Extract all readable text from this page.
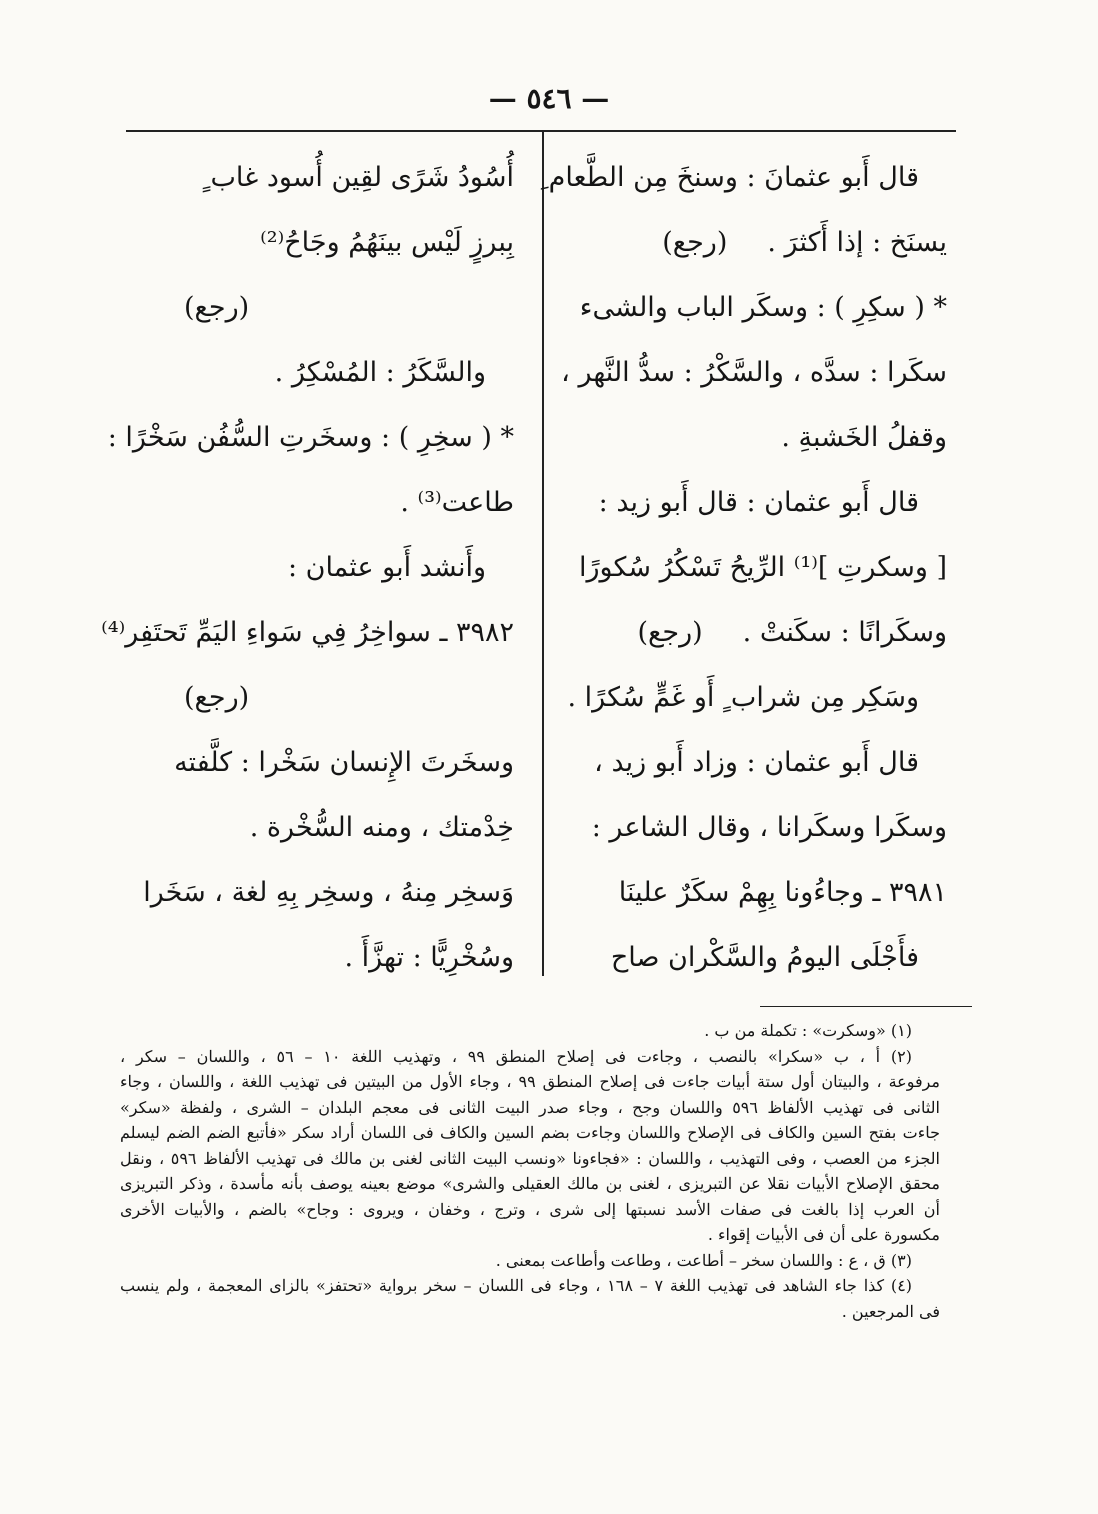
— ٥٤٦ —
قال أَبو عثمانَ : وسنخَ مِن الطَّعام ِ
يسنَخ : إذا أَكثرَ .(رجع)
* ( سكِرِ ) : وسكَر الباب والشىء
سكَرا : سدَّه ، والسَّكْرُ : سدُّ النَّهر ،
وقفلُ الخَشبةِ .
قال أَبو عثمان : قال أَبو زيد :
[ وسكرتِ ]⁽¹⁾ الرِّيحُ تَسْكُرُ سُكورًا
وسكَرانًا : سكَنتْ .(رجع)
وسَكِر مِن شراب ٍ أَو غَمٍّ سُكرًا .
قال أَبو عثمان : وزاد أَبو زيد ،
وسكَرا وسكَرانا ، وقال الشاعر :
٣٩٨١ ـ وجاءُونا بِهِمْ سكَرٌ علينَا
فأَجْلَى اليومُ والسَّكْران صاح
أُسُودُ شَرًى لقِين أُسود غاب ٍ
بِبرزٍ لَيْس بينَهُمُ وجَاحُ⁽²⁾
(رجع)
والسَّكَرُ : المُسْكِرُ .
* ( سخِرِ ) : وسخَرتِ السُّفُن سَخْرًا :
طاعت⁽³⁾ .
وأَنشد أَبو عثمان :
٣٩٨٢ ـ سواخِرُ فِي سَواءِ اليَمِّ تَحتَفِر⁽⁴⁾
(رجع)
وسخَرتَ الإِنسان سَخْرا : كلَّفته
خِدْمتك ، ومنه السُّخْرة .
وَسخِر مِنهُ ، وسخِر بِهِ لغة ، سَخَرا
وسُخْرِيًّا : تهزَّأَ .
(١) «وسكرت» : تكملة من ب .
(٢) أ ، ب «سكرا» بالنصب ، وجاءت فى إصلاح المنطق ٩٩ ، وتهذيب اللغة ١٠ – ٥٦ ، واللسان – سكر ،
مرفوعة ، والبيتان أول ستة أبيات جاءت فى إصلاح المنطق ٩٩ ، وجاء الأول من البيتين فى تهذيب اللغة ، واللسان ، وجاء
الثانى فى تهذيب الألفاظ ٥٩٦ واللسان وجح ، وجاء صدر البيت الثانى فى معجم البلدان – الشرى ، ولفظة «سكر»
جاءت بفتح السين والكاف فى الإصلاح واللسان وجاءت بضم السين والكاف فى اللسان أراد سكر «فأتبع الضم الضم ليسلم
الجزء من العصب ، وفى التهذيب ، واللسان : «فجاءونا «ونسب البيت الثانى لغنى بن مالك فى تهذيب الألفاظ ٥٩٦ ، ونقل
محقق الإصلاح الأبيات نقلا عن التبريزى ، لغنى بن مالك العقيلى والشرى» موضع بعينه يوصف بأنه مأسدة ، وذكر التبريزى
أن العرب إذا بالغت فى صفات الأسد نسبتها إلى شرى ، وترج ، وخفان ، ويروى : وجاح» بالضم ، والأبيات الأخرى
مكسورة على أن فى الأبيات إقواء .
(٣) ق ، ع : واللسان سخر – أطاعت ، وطاعت وأطاعت بمعنى .
(٤) كذا جاء الشاهد فى تهذيب اللغة ٧ – ١٦٨ ، وجاء فى اللسان – سخر برواية «تحتفز» بالزاى المعجمة ، ولم ينسب
فى المرجعين .
